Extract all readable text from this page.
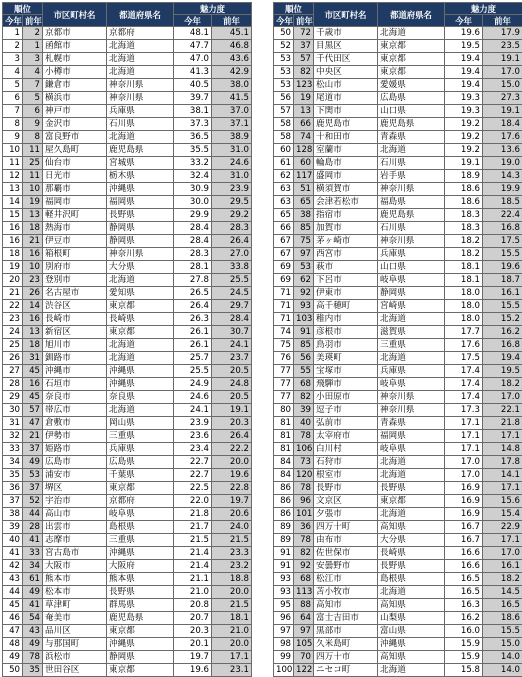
順位		市区町村名	都道府県名	魅力度	
今年	前年			今年	前年
1	2	京都市	京都府	48.1	45.1
2	1	函館市	北海道	47.7	46.8
3	3	札幌市	北海道	47.0	43.6
4	4	小樽市	北海道	41.3	42.9
5	7	鎌倉市	神奈川県	40.5	38.0
6	5	横浜市	神奈川県	39.7	41.5
7	6	神戸市	兵庫県	38.1	37.0
8	9	金沢市	石川県	37.3	37.1
9	8	富良野市	北海道	36.5	38.9
10	11	屋久島町	鹿児島県	35.5	31.0
11	25	仙台市	宮城県	33.2	24.6
12	11	日光市	栃木県	32.4	31.0
13	10	那覇市	沖縄県	30.9	23.9
14	19	福岡市	福岡県	30.0	29.5
15	13	軽井沢町	長野県	29.9	29.2
16	18	熱海市	静岡県	28.4	28.3
16	21	伊豆市	静岡県	28.4	26.4
18	16	箱根町	神奈川県	28.3	27.0
19	10	別府市	大分県	28.1	33.8
20	23	登別市	北海道	27.8	25.5
21	26	名古屋市	愛知県	26.5	24.5
22	14	渋谷区	東京都	26.4	29.7
23	16	長崎市	長崎県	26.3	28.4
24	13	新宿区	東京都	26.1	30.7
25	18	旭川市	北海道	26.1	24.1
26	31	釧路市	北海道	25.7	23.7
27	45	沖縄市	沖縄県	25.5	20.5
28	16	石垣市	沖縄県	24.9	24.8
29	45	奈良市	奈良県	24.6	20.5
30	57	帯広市	北海道	24.1	19.1
31	47	倉敷市	岡山県	23.9	20.3
32	21	伊勢市	三重県	23.6	26.4
33	37	姫路市	兵庫県	23.4	22.2
34	49	広島市	広島県	22.7	20.0
35	53	浦安市	千葉県	22.7	19.6
36	37	堺区	東京都	22.5	22.8
37	52	宇治市	京都府	22.0	19.7
38	44	高山市	岐阜県	21.8	20.6
39	28	出雲市	島根県	21.7	24.0
40	41	志摩市	三重県	21.5	21.5
41	33	宮古島市	沖縄県	21.4	23.3
42	34	大阪市	大阪府	21.4	23.2
43	61	熊本市	熊本県	21.1	18.8
44	49	松本市	長野県	21.0	20.0
45	41	草津町	群馬県	20.8	21.5
46	54	奄美市	鹿児島県	20.7	18.1
47	43	品川区	東京都	20.3	21.0
48	49	与那国町	沖縄県	20.1	20.0
49	78	浜松市	静岡県	19.7	17.1
50	35	世田谷区	東京都	19.6	23.1
順位		市区町村名	都道府県名	魅力度	
今年	前年			今年	前年
50	72	千歳市	北海道	19.6	17.9
52	37	目黒区	東京都	19.5	23.5
53	57	千代田区	東京都	19.4	19.1
53	82	中央区	東京都	19.4	17.0
53	123	松山市	愛媛県	19.4	15.0
56	19	尾道市	広島県	19.3	27.3
57	13	下関市	山口県	19.3	19.1
58	66	鹿児島市	鹿児島県	19.2	18.4
58	74	十和田市	青森県	19.2	17.6
60	128	室蘭市	北海道	19.2	13.6
61	60	輪島市	石川県	19.1	19.0
62	117	盛岡市	岩手県	18.9	14.3
63	51	横須賀市	神奈川県	18.6	19.9
63	65	会津若松市	福島県	18.6	18.5
65	38	指宿市	鹿児島県	18.3	22.4
66	85	加賀市	石川県	18.3	16.8
67	75	茅ヶ崎市	神奈川県	18.2	17.5
67	97	西宮市	兵庫県	18.2	15.5
69	53	萩市	山口県	18.1	19.6
69	62	下呂市	岐阜県	18.1	18.7
71	92	伊東市	静岡県	18.0	16.1
71	93	高千穂町	宮崎県	18.0	15.5
71	103	稚内市	北海道	18.0	15.2
74	91	彦根市	滋賀県	17.7	16.2
75	85	鳥羽市	三重県	17.6	16.8
76	56	美瑛町	北海道	17.5	19.4
77	55	宝塚市	兵庫県	17.4	19.5
77	68	飛騨市	岐阜県	17.4	18.2
77	82	小田原市	神奈川県	17.4	17.0
80	39	逗子市	神奈川県	17.3	22.1
81	40	弘前市	青森県	17.1	21.8
81	78	太宰府市	福岡県	17.1	17.1
81	106	白川村	岐阜県	17.1	14.8
84	73	石狩市	北海道	17.0	17.8
84	120	根室市	北海道	17.0	14.1
86	78	長野市	長野県	16.9	17.1
86	96	文京区	東京都	16.9	15.6
86	101	夕張市	北海道	16.9	15.4
89	36	四万十町	高知県	16.7	22.9
89	78	由布市	大分県	16.7	17.1
91	82	佐世保市	長崎県	16.6	17.0
91	92	安曇野市	長野県	16.6	16.1
93	68	松江市	島根県	16.5	18.2
93	113	苫小牧市	北海道	16.5	14.5
95	88	高知市	高知県	16.3	16.5
96	64	富士吉田市	山梨県	16.2	18.6
97	97	黒部市	富山県	16.0	15.5
98	105	久米島町	沖縄県	15.9	15.0
99	70	四万十市	高知県	15.9	14.0
100	122	ニセコ町	北海道	15.8	14.0
